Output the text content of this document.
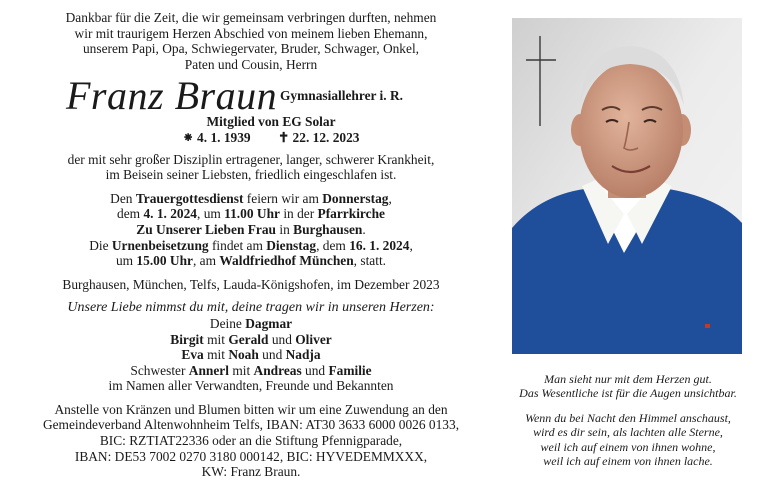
Dankbar für die Zeit, die wir gemeinsam verbringen durften, nehmen
wir mit traurigem Herzen Abschied von meinem lieben Ehemann,
unserem Papi, Opa, Schwiegervater, Bruder, Schwager, Onkel,
Paten und Cousin, Herrn
Franz Braun Gymnasiallehrer i. R.
Mitglied von EG Solar
⁕ 4. 1. 1939 ✝ 22. 12. 2023
der mit sehr großer Disziplin ertragener, langer, schwerer Krankheit,
im Beisein seiner Liebsten, friedlich eingeschlafen ist.
Den Trauergottesdienst feiern wir am Donnerstag,
dem 4. 1. 2024, um 11.00 Uhr in der Pfarrkirche
Zu Unserer Lieben Frau in Burghausen.
Die Urnenbeisetzung findet am Dienstag, dem 16. 1. 2024,
um 15.00 Uhr, am Waldfriedhof München, statt.
Burghausen, München, Telfs, Lauda-Königshofen, im Dezember 2023
Unsere Liebe nimmst du mit, deine tragen wir in unseren Herzen:
Deine Dagmar
Birgit mit Gerald und Oliver
Eva mit Noah und Nadja
Schwester Annerl mit Andreas und Familie
im Namen aller Verwandten, Freunde und Bekannten
Anstelle von Kränzen und Blumen bitten wir um eine Zuwendung an den
Gemeindeverband Altenwohnheim Telfs, IBAN: AT30 3633 6000 0026 0133,
BIC: RZTIAT22336 oder an die Stiftung Pfennigparade,
IBAN: DE53 7002 0270 3180 000142, BIC: HYVEDEMMXXX,
KW: Franz Braun.
Man sieht nur mit dem Herzen gut.
Das Wesentliche ist für die Augen unsichtbar.
Wenn du bei Nacht den Himmel anschaust,
wird es dir sein, als lachten alle Sterne,
weil ich auf einem von ihnen wohne,
weil ich auf einem von ihnen lache.
